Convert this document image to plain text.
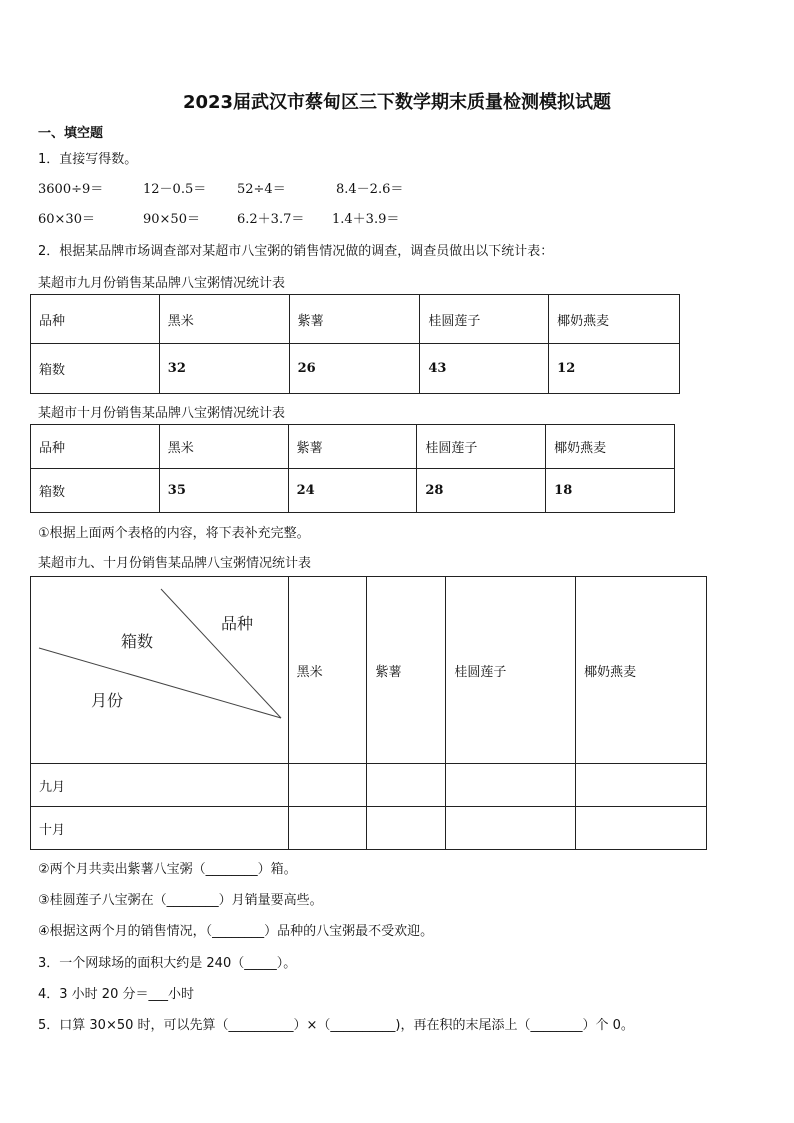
2023届武汉市蔡甸区三下数学期末质量检测模拟试题
一、填空题
1．直接写得数。
3600÷9＝	12－0.5＝ 52÷4＝	8.4－2.6＝
60×30＝	90×50＝	6.2＋3.7＝ 1.4＋3.9＝
2．根据某品牌市场调查部对某超市八宝粥的销售情况做的调查，调查员做出以下统计表：
某超市九月份销售某品牌八宝粥情况统计表
品种	黑米	紫薯	桂圆莲子	椰奶燕麦
箱数	32	26	43	12
某超市十月份销售某品牌八宝粥情况统计表
品种	黑米	紫薯	桂圆莲子	椰奶燕麦
箱数	35	24	28	18
①根据上面两个表格的内容，将下表补充完整。
某超市九、十月份销售某品牌八宝粥情况统计表
品种
箱数
月份	黑米	紫薯	桂圆莲子	椰奶燕麦
九月				
十月				
②两个月共卖出紫薯八宝粥（________）箱。
③桂圆莲子八宝粥在（________）月销量要高些。
④根据这两个月的销售情况，（________）品种的八宝粥最不受欢迎。
3．一个网球场的面积大约是 240（_____）。
4．3 小时 20 分＝___小时
5．口算 30×50 时，可以先算（__________）×（__________)，再在积的末尾添上（________）个 0。
